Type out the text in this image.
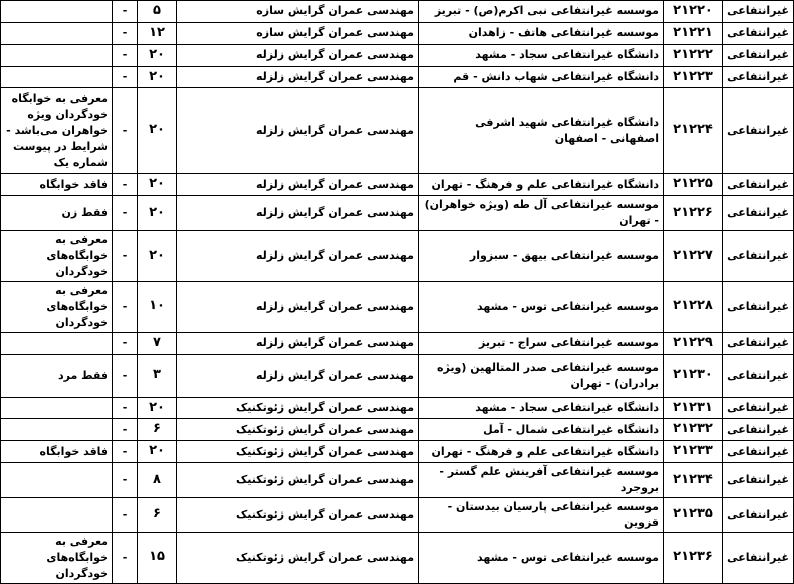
غیرانتفاعی	۲۱۲۲۰	موسسه غیرانتفاعی نبی اکرم(ص) - تبریز	مهندسی عمران گرایش سازه	۵	-	
غیرانتفاعی	۲۱۲۲۱	موسسه غیرانتفاعی هاتف - زاهدان	مهندسی عمران گرایش سازه	۱۲	-	
غیرانتفاعی	۲۱۲۲۲	دانشگاه غیرانتفاعی سجاد - مشهد	مهندسی عمران گرایش زلزله	۲۰	-	
غیرانتفاعی	۲۱۲۲۳	دانشگاه غیرانتفاعی شهاب دانش - قم	مهندسی عمران گرایش زلزله	۲۰	-	
غیرانتفاعی	۲۱۲۲۴	دانشگاه غیرانتفاعی شهید اشرفی اصفهانی - اصفهان	مهندسی عمران گرایش زلزله	۲۰	-	معرفی به خوابگاه خودگردان ویژه خواهران می‌باشد - شرایط در پیوست شماره یک
غیرانتفاعی	۲۱۲۲۵	دانشگاه غیرانتفاعی علم و فرهنگ - تهران	مهندسی عمران گرایش زلزله	۲۰	-	فاقد خوابگاه
غیرانتفاعی	۲۱۲۲۶	موسسه غیرانتفاعی آل طه (ویژه خواهران) - تهران	مهندسی عمران گرایش زلزله	۲۰	-	فقط زن
غیرانتفاعی	۲۱۲۲۷	موسسه غیرانتفاعی بیهق - سبزوار	مهندسی عمران گرایش زلزله	۲۰	-	معرفی به خوابگاه‌های خودگردان
غیرانتفاعی	۲۱۲۲۸	موسسه غیرانتفاعی توس - مشهد	مهندسی عمران گرایش زلزله	۱۰	-	معرفی به خوابگاه‌های خودگردان
غیرانتفاعی	۲۱۲۲۹	موسسه غیرانتفاعی سراج - تبریز	مهندسی عمران گرایش زلزله	۷	-	
غیرانتفاعی	۲۱۲۳۰	موسسه غیرانتفاعی صدر المتالهین (ویژه برادران) - تهران	مهندسی عمران گرایش زلزله	۳	-	فقط مرد
غیرانتفاعی	۲۱۲۳۱	دانشگاه غیرانتفاعی سجاد - مشهد	مهندسی عمران گرایش ژئوتکنیک	۲۰	-	
غیرانتفاعی	۲۱۲۳۲	دانشگاه غیرانتفاعی شمال - آمل	مهندسی عمران گرایش ژئوتکنیک	۶	-	
غیرانتفاعی	۲۱۲۳۳	دانشگاه غیرانتفاعی علم و فرهنگ - تهران	مهندسی عمران گرایش ژئوتکنیک	۲۰	-	فاقد خوابگاه
غیرانتفاعی	۲۱۲۳۴	موسسه غیرانتفاعی آفرینش علم گستر - بروجرد	مهندسی عمران گرایش ژئوتکنیک	۸	-	
غیرانتفاعی	۲۱۲۳۵	موسسه غیرانتفاعی پارسیان بیدستان - قزوین	مهندسی عمران گرایش ژئوتکنیک	۶	-	
غیرانتفاعی	۲۱۲۳۶	موسسه غیرانتفاعی توس - مشهد	مهندسی عمران گرایش ژئوتکنیک	۱۵	-	معرفی به خوابگاه‌های خودگردان
